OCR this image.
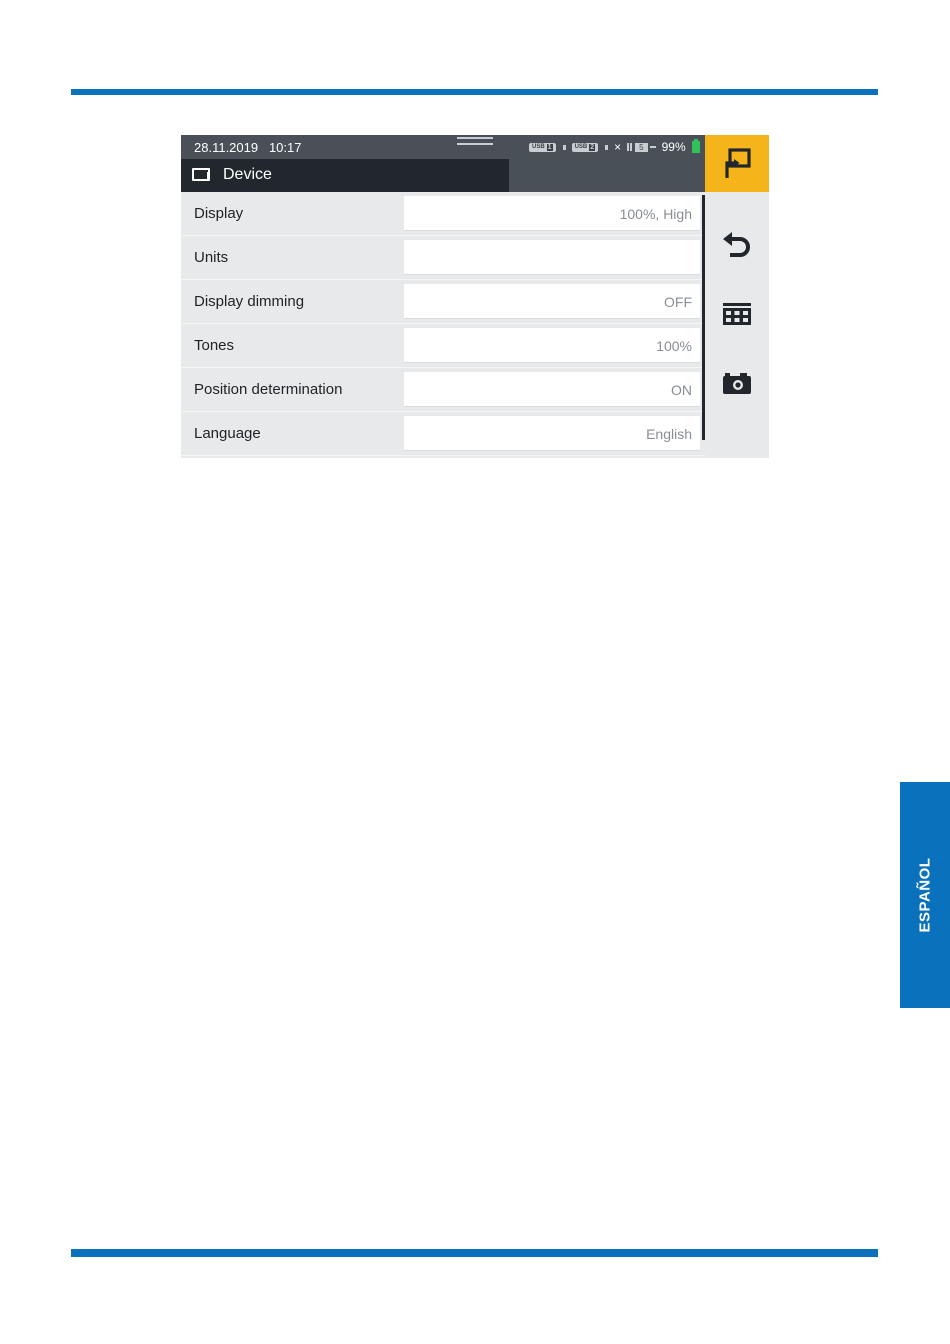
28.11.2019 10:17	USB 1	USB 2 ×	5	99%
Device
Display	100%, High
Units
Display dimming	OFF
Tones	100%
Position determination	ON
Language	English
ESPAÑOL
